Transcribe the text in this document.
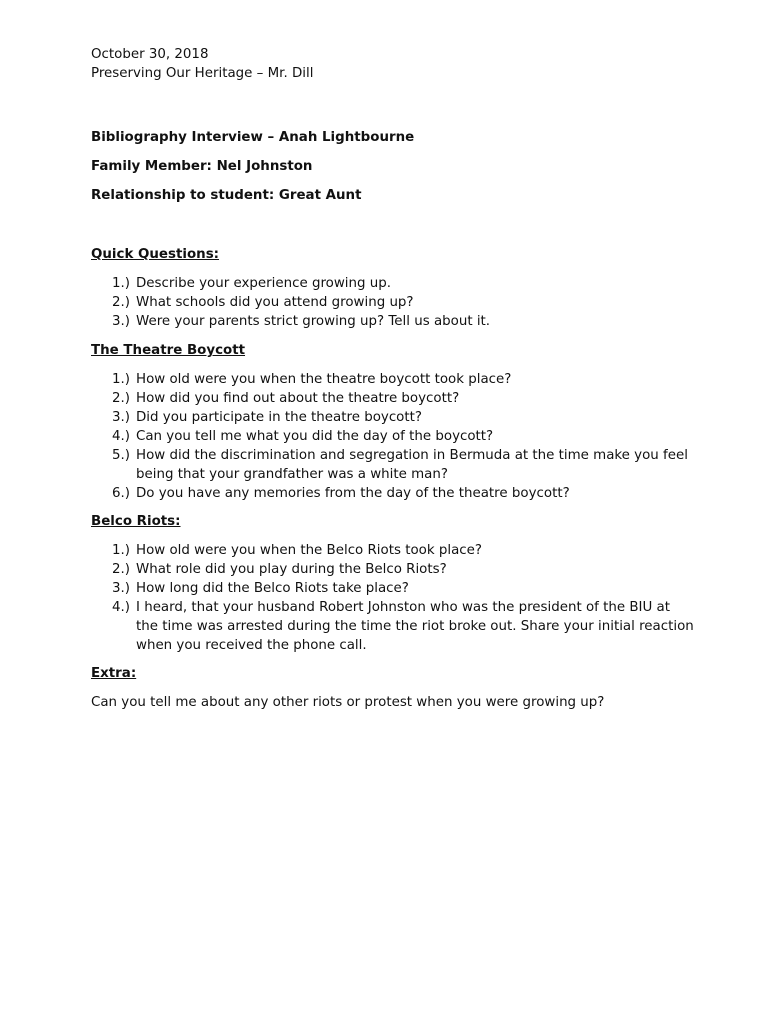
October 30, 2018
Preserving Our Heritage – Mr. Dill
Bibliography Interview – Anah Lightbourne
Family Member: Nel Johnston
Relationship to student: Great Aunt
Quick Questions:
1.) Describe your experience growing up.
2.) What schools did you attend growing up?
3.) Were your parents strict growing up? Tell us about it.
The Theatre Boycott
1.) How old were you when the theatre boycott took place?
2.) How did you find out about the theatre boycott?
3.) Did you participate in the theatre boycott?
4.) Can you tell me what you did the day of the boycott?
5.) How did the discrimination and segregation in Bermuda at the time make you feel being that your grandfather was a white man?
6.) Do you have any memories from the day of the theatre boycott?
Belco Riots:
1.) How old were you when the Belco Riots took place?
2.) What role did you play during the Belco Riots?
3.) How long did the Belco Riots take place?
4.) I heard, that your husband Robert Johnston who was the president of the BIU at the time was arrested during the time the riot broke out. Share your initial reaction when you received the phone call.
Extra:
Can you tell me about any other riots or protest when you were growing up?
